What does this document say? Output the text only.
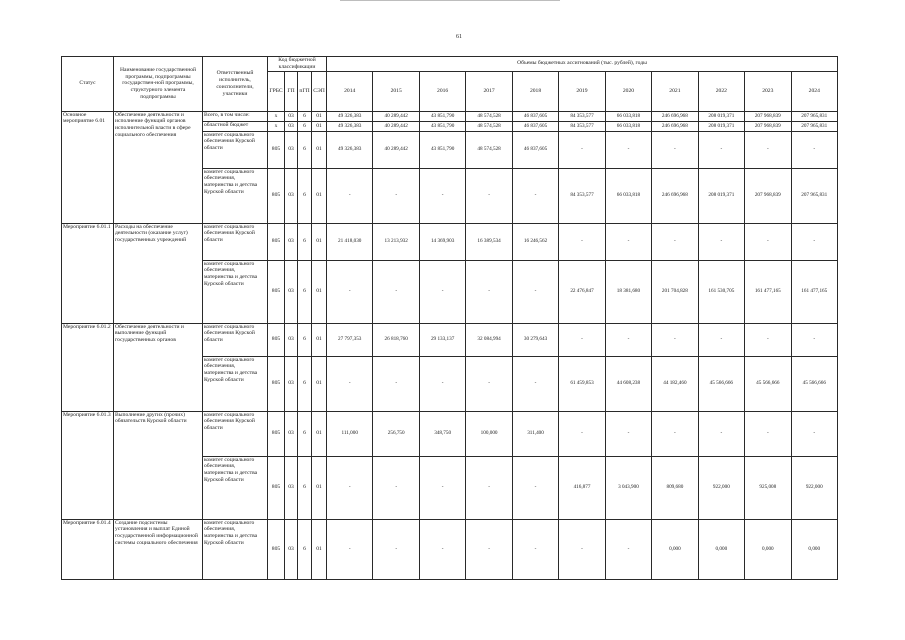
61
Статус	Наименование государственной программы, подпрограммы государствен-ной программы, структурного элемента подпрограммы	Ответственный исполнитель, соисполнители, участники	Код бюджетной классификации				Объемы бюджетных ассигнований (тыс. рублей), годы										
			ГРБС	ГП	пГП	СЭП	2014	2015	2016	2017	2018	2019	2020	2021	2022	2023	2024
Основное мероприятие 6.01	Обеспечение деятельности и исполнение функций органов исполнительной власти в сфере социального обеспечения	Всего, в том числе:	х	03	6	01	49 326,383	40 289,442	43 851,790	48 574,528	46 837,605	84 353,577	66 033,818	246 696,968	208 019,371	207 968,839	207 965,831
		областной бюджет	х	03	6	01	49 326,383	40 289,442	43 851,790	48 574,528	46 837,605	84 353,577	66 033,818	246 696,968	208 019,371	207 968,839	207 965,831
		комитет социального обеспечения Курской области	805	03	6	01	49 326,383	40 289,442	43 851,790	48 574,528	46 837,605	-	-	-	-	-	-
		комитет социального обеспечения, материнства и детства Курской области	805	03	6	01	-	-	-	-	-	84 353,577	66 033,818	246 696,968	208 019,371	207 968,839	207 965,831
Мероприятие 6.01.1	Расходы на обеспечение деятельности (оказание услуг) государственных учреждений	комитет социального обеспечения Курской области	805	03	6	01	21 418,030	13 213,932	14 369,903	16 389,534	16 246,562	-	-	-	-	-	-
		комитет социального обеспечения, материнства и детства Курской области	805	03	6	01	-	-	-	-	-	22 476,847	18 381,680	201 704,828	161 530,705	161 477,165	161 477,165
Мероприятие 6.01.2	Обеспечение деятельности и выполнение функций государственных органов	комитет социального обеспечения Курской области	805	03	6	01	27 797,353	26 818,760	29 133,137	32 084,994	30 279,643	-	-	-	-	-	-
		комитет социального обеспечения, материнства и детства Курской области	805	03	6	01	-	-	-	-	-	61 459,853	44 608,238	44 182,460	45 566,666	45 566,666	45 566,666
Мероприятие 6.01.3	Выполнение других (прочих) обязательств Курской области	комитет социального обеспечения Курской области	805	03	6	01	111,000	256,750	348,750	100,000	311,400	-	-	-	-	-	-
		комитет социального обеспечения, материнства и детства Курской области	805	03	6	01	-	-	-	-	-	416,877	3 043,900	809,680	922,000	925,008	922,000
Мероприятие 6.01.4	Создание подсистемы установления и выплат Единой государственной информационной системы социального обеспечения	комитет социального обеспечения, материнства и детства Курской области	805	03	6	01	-	-	-	-	-	-	-	0,000	0,000	0,000	0,000
